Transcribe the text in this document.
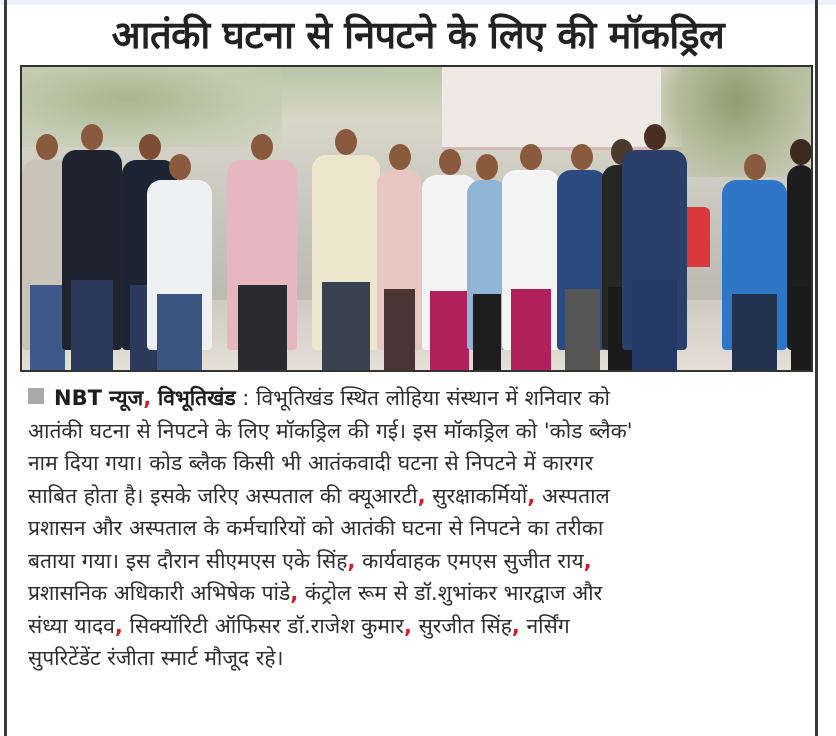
आतंकी घटना से निपटने के लिए की मॉकड्रिल
NBT न्यूज, विभूतिखंड : विभूतिखंड स्थित लोहिया संस्थान में शनिवार को
आतंकी घटना से निपटने के लिए मॉकड्रिल की गई। इस मॉकड्रिल को 'कोड ब्लैक'
नाम दिया गया। कोड ब्लैक किसी भी आतंकवादी घटना से निपटने में कारगर
साबित होता है। इसके जरिए अस्पताल की क्यूआरटी, सुरक्षाकर्मियों, अस्पताल
प्रशासन और अस्पताल के कर्मचारियों को आतंकी घटना से निपटने का तरीका
बताया गया। इस दौरान सीएमएस एके सिंह, कार्यवाहक एमएस सुजीत राय,
प्रशासनिक अधिकारी अभिषेक पांडे, कंट्रोल रूम से डॉ.शुभांकर भारद्वाज और
संध्या यादव, सिक्यॉरिटी ऑफिसर डॉ.राजेश कुमार, सुरजीत सिंह, नर्सिंग
सुपरिटेंडेंट रंजीता स्मार्ट मौजूद रहे।
